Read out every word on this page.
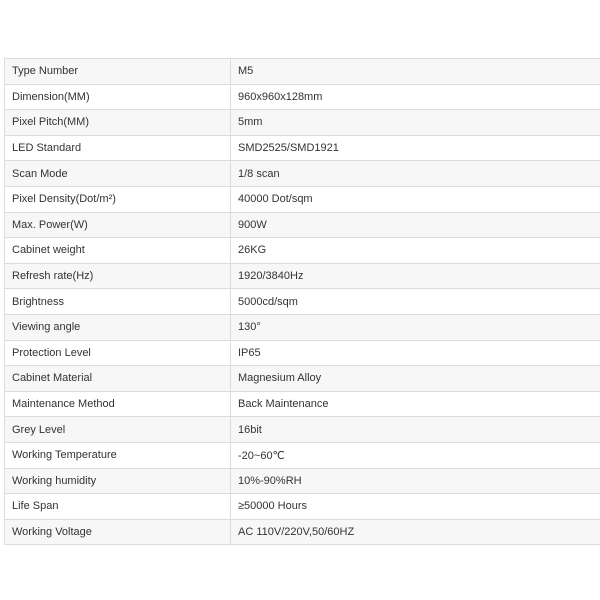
Type Number	M5
Dimension(MM)	960x960x128mm
Pixel Pitch(MM)	5mm
LED Standard	SMD2525/SMD1921
Scan Mode	1/8 scan
Pixel Density(Dot/m²)	40000 Dot/sqm
Max. Power(W)	900W
Cabinet weight	26KG
Refresh rate(Hz)	1920/3840Hz
Brightness	5000cd/sqm
Viewing angle	130°
Protection Level	IP65
Cabinet Material	Magnesium Alloy
Maintenance Method	Back Maintenance
Grey Level	16bit
Working Temperature	-20~60℃
Working humidity	10%-90%RH
Life Span	≥50000 Hours
Working Voltage	AC 110V/220V,50/60HZ
